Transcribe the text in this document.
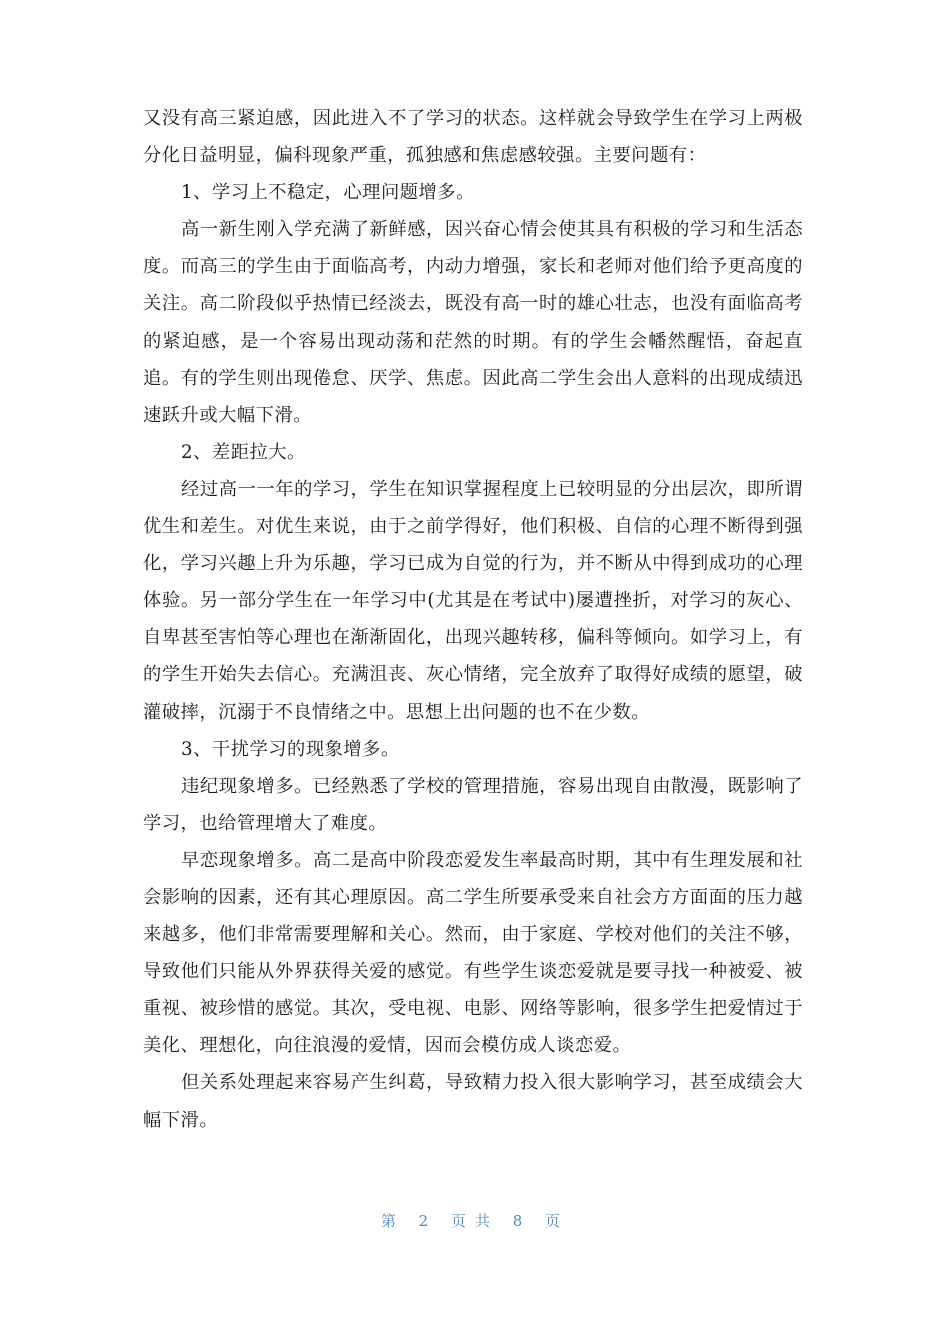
又没有高三紧迫感，因此进入不了学习的状态。这样就会导致学生在学习上两极分化日益明显，偏科现象严重，孤独感和焦虑感较强。主要问题有：

1、学习上不稳定，心理问题增多。

高一新生刚入学充满了新鲜感，因兴奋心情会使其具有积极的学习和生活态度。而高三的学生由于面临高考，内动力增强，家长和老师对他们给予更高度的关注。高二阶段似乎热情已经淡去，既没有高一时的雄心壮志，也没有面临高考的紧迫感，是一个容易出现动荡和茫然的时期。有的学生会幡然醒悟，奋起直追。有的学生则出现倦怠、厌学、焦虑。因此高二学生会出人意料的出现成绩迅速跃升或大幅下滑。

2、差距拉大。

经过高一一年的学习，学生在知识掌握程度上已较明显的分出层次，即所谓优生和差生。对优生来说，由于之前学得好，他们积极、自信的心理不断得到强化，学习兴趣上升为乐趣，学习已成为自觉的行为，并不断从中得到成功的心理体验。另一部分学生在一年学习中(尤其是在考试中)屡遭挫折，对学习的灰心、自卑甚至害怕等心理也在渐渐固化，出现兴趣转移，偏科等倾向。如学习上，有的学生开始失去信心。充满沮丧、灰心情绪，完全放弃了取得好成绩的愿望，破灌破摔，沉溺于不良情绪之中。思想上出问题的也不在少数。

3、干扰学习的现象增多。

违纪现象增多。已经熟悉了学校的管理措施，容易出现自由散漫，既影响了学习，也给管理增大了难度。

早恋现象增多。高二是高中阶段恋爱发生率最高时期，其中有生理发展和社会影响的因素，还有其心理原因。高二学生所要承受来自社会方方面面的压力越来越多，他们非常需要理解和关心。然而，由于家庭、学校对他们的关注不够，导致他们只能从外界获得关爱的感觉。有些学生谈恋爱就是要寻找一种被爱、被重视、被珍惜的感觉。其次，受电视、电影、网络等影响，很多学生把爱情过于美化、理想化，向往浪漫的爱情，因而会模仿成人谈恋爱。

但关系处理起来容易产生纠葛，导致精力投入很大影响学习，甚至成绩会大幅下滑。

第 2 页共 8 页
